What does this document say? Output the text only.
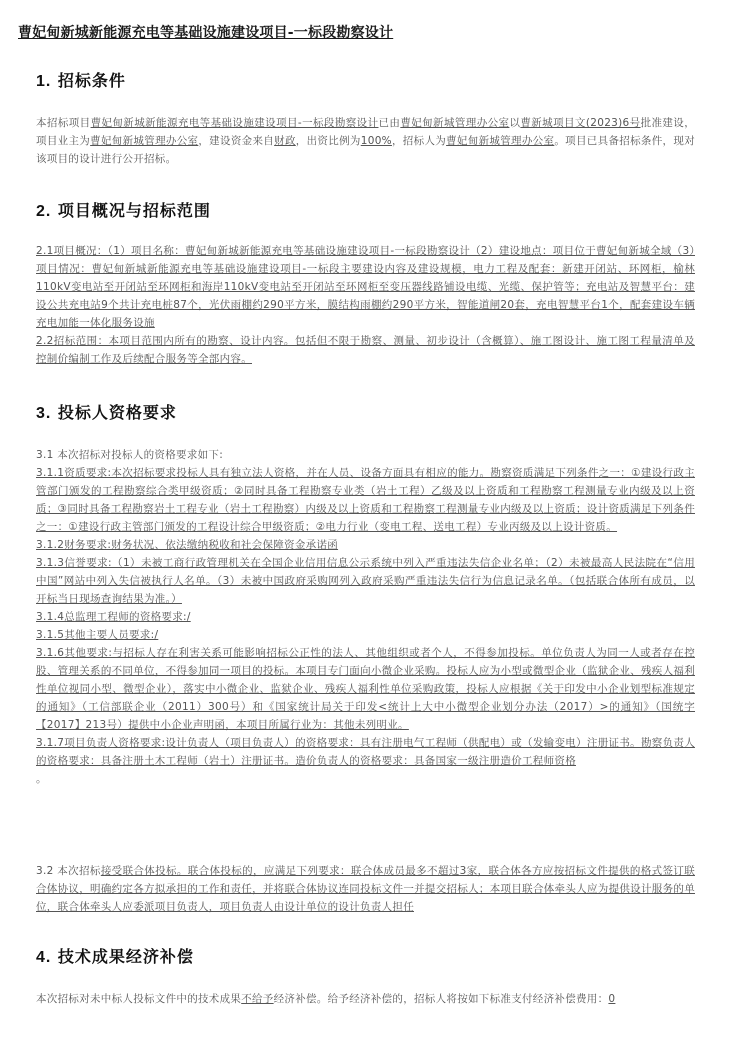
曹妃甸新城新能源充电等基础设施建设项目-一标段勘察设计
1. 招标条件

本招标项目曹妃甸新城新能源充电等基础设施建设项目-一标段勘察设计已由曹妃甸新城管理办公室以曹新城项目文(2023)6号批准建设，项目业主为曹妃甸新城管理办公室，建设资金来自财政，出资比例为100%，招标人为曹妃甸新城管理办公室。项目已具备招标条件，现对该项目的设计进行公开招标。

2. 项目概况与招标范围

2.1项目概况：（1）项目名称：曹妃甸新城新能源充电等基础设施建设项目-一标段勘察设计（2）建设地点：项目位于曹妃甸新城全域（3）项目情况：曹妃甸新城新能源充电等基础设施建设项目-一标段主要建设内容及建设规模，电力工程及配套：新建开闭站、环网柜，榆林110kV变电站至开闭站至环网柜和海岸110kV变电站至开闭站至环网柜至变压器线路铺设电缆、光缆、保护管等；充电站及智慧平台：建设公共充电站9个共计充电桩87个，光伏雨棚约290平方米，膜结构雨棚约290平方米，智能道闸20套，充电智慧平台1个，配套建设车辆充电加能一体化服务设施

2.2招标范围：本项目范围内所有的勘察、设计内容。包括但不限于勘察、测量、初步设计（含概算）、施工图设计、施工图工程量清单及控制价编制工作及后续配合服务等全部内容。

3. 投标人资格要求

3.1 本次招标对投标人的资格要求如下:

3.1.1资质要求:本次招标要求投标人具有独立法人资格，并在人员、设备方面具有相应的能力。勘察资质满足下列条件之一：①建设行政主管部门颁发的工程勘察综合类甲级资质；②同时具备工程勘察专业类（岩土工程）乙级及以上资质和工程勘察工程测量专业内级及以上资质；③同时具备工程勘察岩土工程专业（岩土工程勘察）内级及以上资质和工程勘察工程测量专业内级及以上资质；设计资质满足下列条件之一：①建设行政主管部门颁发的工程设计综合甲级资质；②电力行业（变电工程、送电工程）专业丙级及以上设计资质。

3.1.2财务要求:财务状况、依法缴纳税收和社会保障资金承诺函

3.1.3信誉要求:（1）未被工商行政管理机关在全国企业信用信息公示系统中列入严重违法失信企业名单；（2）未被最高人民法院在“信用中国”网站中列入失信被执行人名单。（3）未被中国政府采购网列入政府采购严重违法失信行为信息记录名单。（包括联合体所有成员，以开标当日现场查询结果为准。）

3.1.4总监理工程师的资格要求:/

3.1.5其他主要人员要求:/

3.1.6其他要求:与招标人存在利害关系可能影响招标公正性的法人、其他组织或者个人，不得参加投标。单位负责人为同一人或者存在控股、管理关系的不同单位，不得参加同一项目的投标。本项目专门面向小微企业采购。投标人应为小型或微型企业（监狱企业、残疾人福利性单位视同小型、微型企业），落实中小微企业、监狱企业、残疾人福利性单位采购政策，投标人应根据《关于印发中小企业划型标准规定的通知》（工信部联企业（2011）300号）和《国家统计局关于印发<统计上大中小微型企业划分办法（2017）>的通知》（国统字【2017】213号）提供中小企业声明函，本项目所属行业为：其他未列明业。

3.1.7项目负责人资格要求:设计负责人（项目负责人）的资格要求：具有注册电气工程师（供配电）或（发输变电）注册证书。勘察负责人的资格要求：具备注册土木工程师（岩土）注册证书。造价负责人的资格要求：具备国家一级注册造价工程师资格

。

3.2 本次招标接受联合体投标。联合体投标的，应满足下列要求：联合体成员最多不超过3家，联合体各方应按招标文件提供的格式签订联合体协议，明确约定各方拟承担的工作和责任，并将联合体协议连同投标文件一并提交招标人；本项目联合体牵头人应为提供设计服务的单位，联合体牵头人应委派项目负责人，项目负责人由设计单位的设计负责人担任

4. 技术成果经济补偿

本次招标对未中标人投标文件中的技术成果不给予经济补偿。给予经济补偿的，招标人将按如下标准支付经济补偿费用：0
